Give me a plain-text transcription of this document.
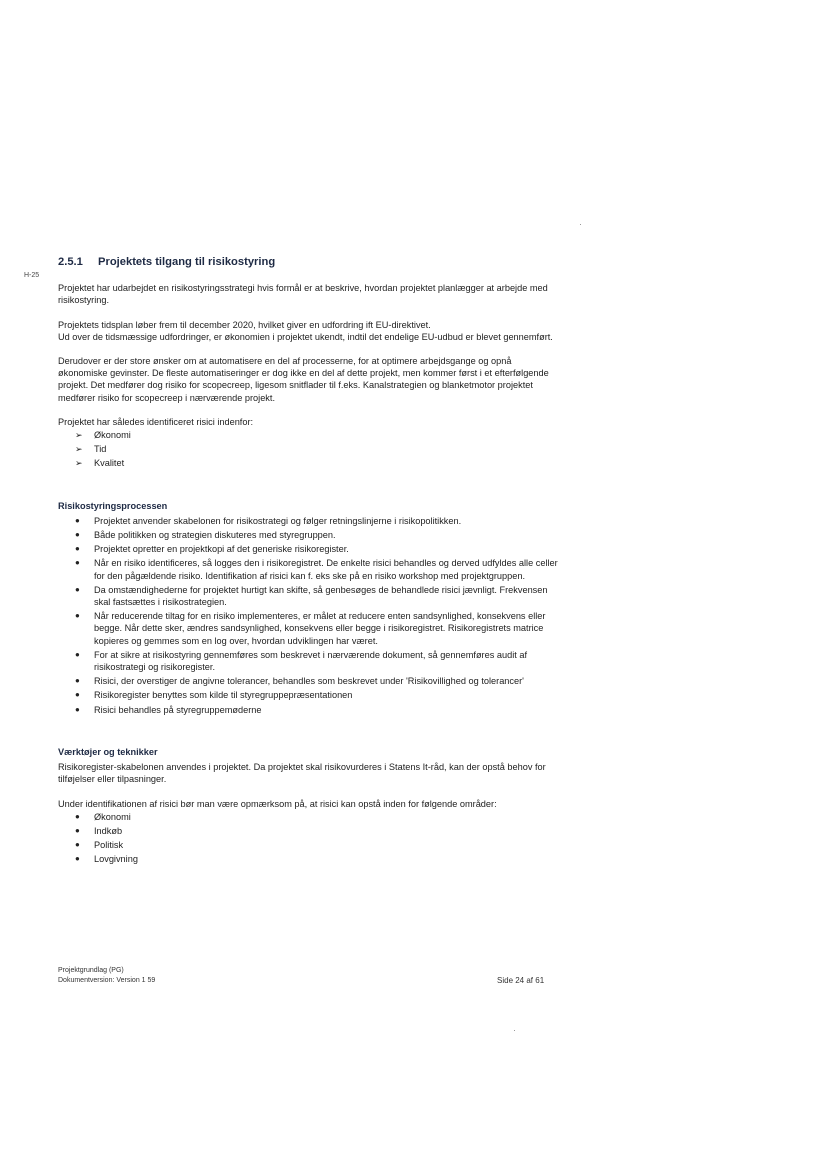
H-25
2.5.1	Projektets tilgang til risikostyring

Projektet har udarbejdet en risikostyringsstrategi hvis formål er at beskrive, hvordan projektet planlægger at arbejde med risikostyring.

Projektets tidsplan løber frem til december 2020, hvilket giver en udfordring ift EU-direktivet.

Ud over de tidsmæssige udfordringer, er økonomien i projektet ukendt, indtil det endelige EU-udbud er blevet gennemført.

Derudover er der store ønsker om at automatisere en del af processerne, for at optimere arbejdsgange og opnå økonomiske gevinster. De fleste automatiseringer er dog ikke en del af dette projekt, men kommer først i et efterfølgende projekt. Det medfører dog risiko for scopecreep, ligesom snitflader til f.eks. Kanalstrategien og blanketmotor projektet medfører risiko for scopecreep i nærværende projekt.

Projektet har således identificeret risici indenfor:

➢ Økonomi
➢ Tid
➢ Kvalitet
Risikostyringsprocessen
● Projektet anvender skabelonen for risikostrategi og følger retningslinjerne i risikopolitikken.
● Både politikken og strategien diskuteres med styregruppen.
● Projektet opretter en projektkopi af det generiske risikoregister.
● Når en risiko identificeres, så logges den i risikoregistret. De enkelte risici behandles og derved udfyldes alle celler for den pågældende risiko. Identifikation af risici kan f. eks ske på en risiko workshop med projektgruppen.
● Da omstændighederne for projektet hurtigt kan skifte, så genbesøges de behandlede risici jævnligt. Frekvensen skal fastsættes i risikostrategien.
● Når reducerende tiltag for en risiko implementeres, er målet at reducere enten sandsynlighed, konsekvens eller begge. Når dette sker, ændres sandsynlighed, konsekvens eller begge i risikoregistret. Risikoregistrets matrice kopieres og gemmes som en log over, hvordan udviklingen har været.
● For at sikre at risikostyring gennemføres som beskrevet i nærværende dokument, så gennemføres audit af risikostrategi og risikoregister.
● Risici, der overstiger de angivne tolerancer, behandles som beskrevet under 'Risikovillighed og tolerancer'
● Risikoregister benyttes som kilde til styregruppepræsentationen
● Risici behandles på styregruppemøderne
Værktøjer og teknikker

Risikoregister-skabelonen anvendes i projektet. Da projektet skal risikovurderes i Statens It-råd, kan der opstå behov for tilføjelser eller tilpasninger.

Under identifikationen af risici bør man være opmærksom på, at risici kan opstå inden for følgende områder:

● Økonomi
● Indkøb
● Politisk
● Lovgivning
Projektgrundlag (PG)
Dokumentversion: Version 1 59	Side 24 af 61
